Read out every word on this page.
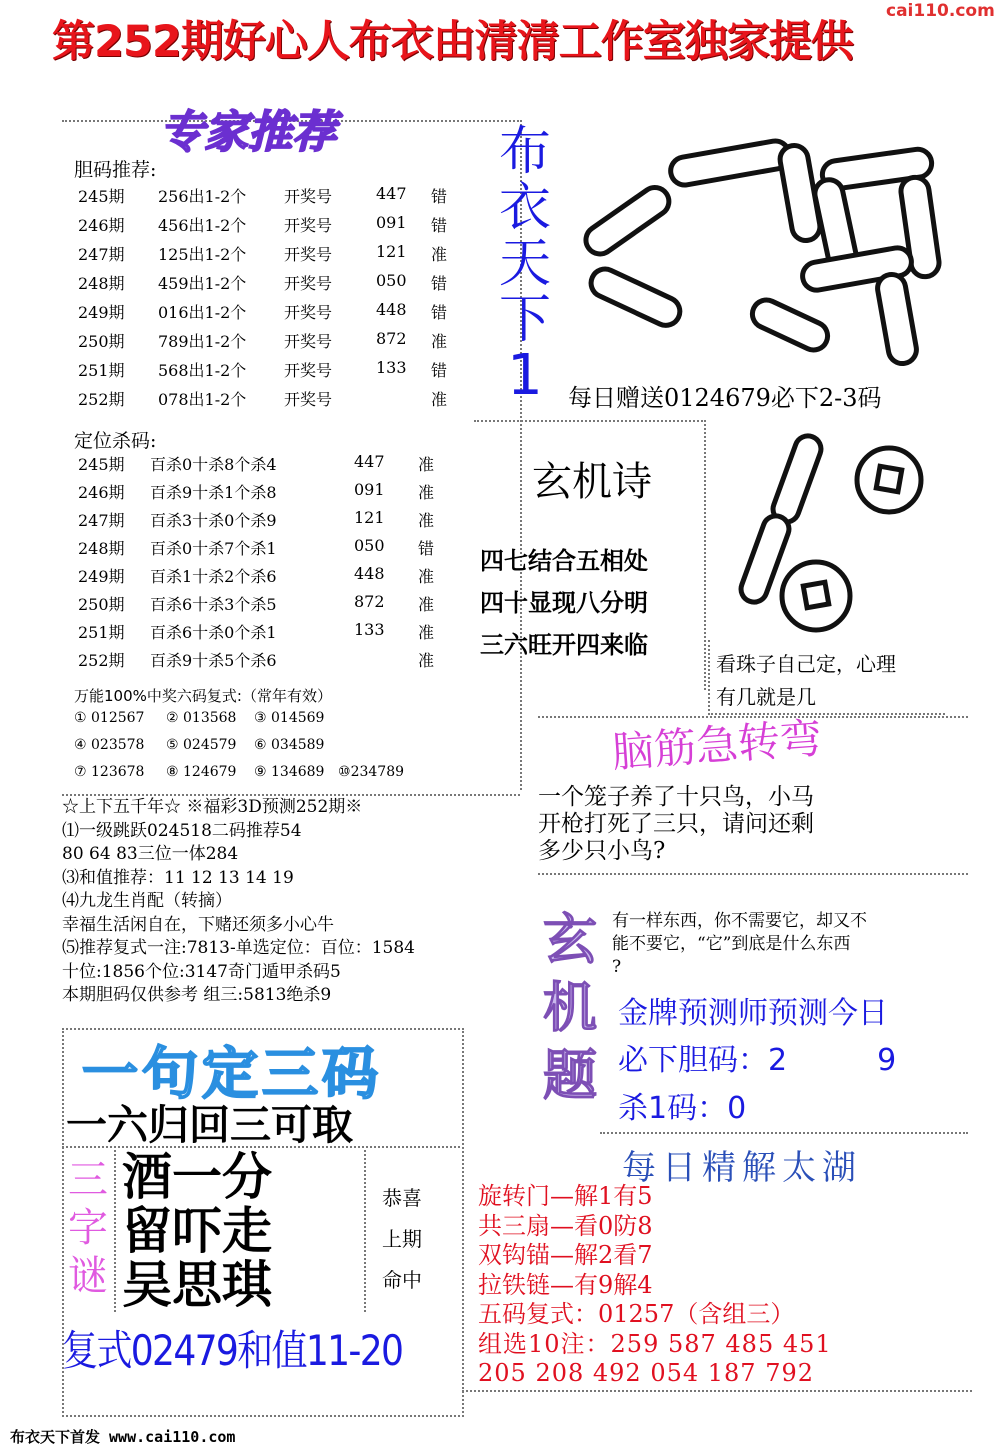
第252期好心人布衣由清清工作室独家提供
cai110.com
专家推荐
胆码推荐:
245期 256出1-2个 开奖号	447 错
246期 456出1-2个 开奖号	091 错
247期 125出1-2个 开奖号	121 准
248期 459出1-2个 开奖号	050 错
249期 016出1-2个 开奖号	448 错
250期 789出1-2个 开奖号	872 准
251期 568出1-2个 开奖号	133 错
252期 078出1-2个 开奖号	准
定位杀码:
245期 百杀0十杀8个杀4	447 准
246期 百杀9十杀1个杀8	091 准
247期 百杀3十杀0个杀9	121 准
248期 百杀0十杀7个杀1	050 错
249期 百杀1十杀2个杀6	448 准
250期 百杀6十杀3个杀5	872 准
251期 百杀6十杀0个杀1	133 准
252期 百杀9十杀5个杀6	准
万能100%中奖六码复式:（常年有效）
① 012567 ② 013568 ③ 014569
④ 023578 ⑤ 024579 ⑥ 034589
⑦ 123678 ⑧ 124679 ⑨ 134689 ⑩234789
☆上下五千年☆ ※福彩3D预测252期※
⑴一级跳跃024518二码推荐54
80 64 83三位一体284
⑶和值推荐：11 12 13 14 19
⑷九龙生肖配（转摘）
幸福生活闲自在，下赌还须多小心牛
⑸推荐复式一注:7813-单选定位：百位：1584
十位:1856个位:3147奇门遁甲杀码5
本期胆码仅供参考 组三:5813绝杀9
一句定三码
一六归回三可取
三
字
谜
酒一分
留吓走
吴思琪
恭喜
上期
命中
复式02479和值11-20
布
衣
天
下
1	每日赠送0124679必下2-3码
玄机诗
四七结合五相处
四十显现八分明
三六旺开四来临
看珠子自己定，心理
有几就是几
脑筋急转弯
一个笼子养了十只鸟，小马
开枪打死了三只，请问还剩
多少只小鸟?
玄
机
题
有一样东西，你不需要它，却又不
能不要它，“它”到底是什么东西
?
金牌预测师预测今日
必下胆码：2	9
杀1码：0
每日精解太湖
旋转门—解1有5
共三扇—看0防8
双钩锚—解2看7
拉铁链—有9解4
五码复式：01257（含组三）
组选10注：259 587 485 451
205 208 492 054 187 792
布衣天下首发 www.cai110.com
